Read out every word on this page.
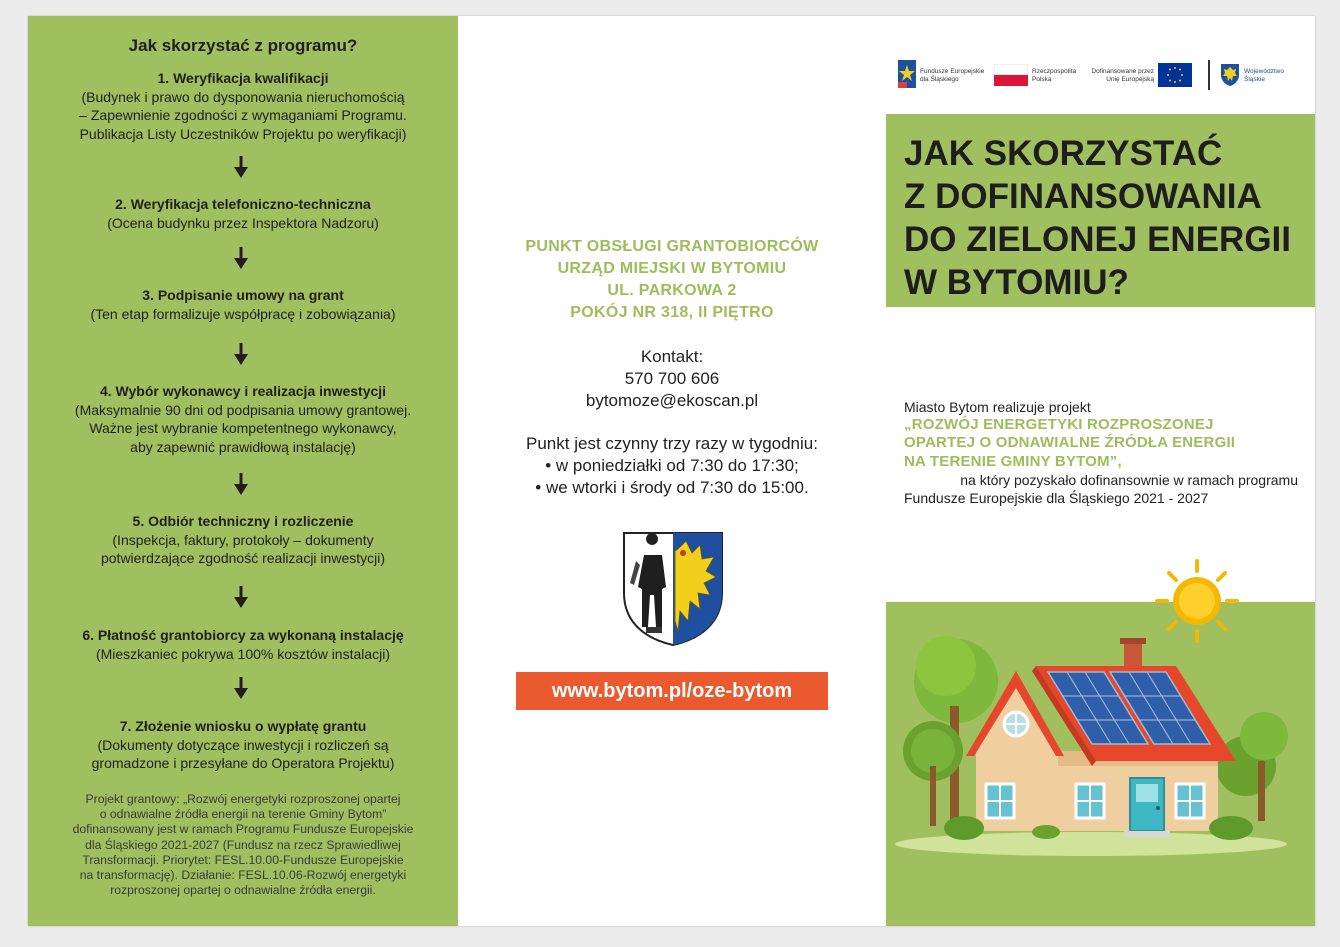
Jak skorzystać z programu?
1. Weryfikacja kwalifikacji
(Budynek i prawo do dysponowania nieruchomością
– Zapewnienie zgodności z wymaganiami Programu.
Publikacja Listy Uczestników Projektu po weryfikacji)
2. Weryfikacja telefoniczno-techniczna
(Ocena budynku przez Inspektora Nadzoru)
3. Podpisanie umowy na grant
(Ten etap formalizuje współpracę i zobowiązania)
4. Wybór wykonawcy i realizacja inwestycji
(Maksymalnie 90 dni od podpisania umowy grantowej.
Ważne jest wybranie kompetentnego wykonawcy,
aby zapewnić prawidłową instalację)
5. Odbiór techniczny i rozliczenie
(Inspekcja, faktury, protokoły – dokumenty
potwierdzające zgodność realizacji inwestycji)
6. Płatność grantobiorcy za wykonaną instalację
(Mieszkaniec pokrywa 100% kosztów instalacji)
7. Złożenie wniosku o wypłatę grantu
(Dokumenty dotyczące inwestycji i rozliczeń są
gromadzone i przesyłane do Operatora Projektu)
Projekt grantowy: „Rozwój energetyki rozproszonej opartej
o odnawialne źródła energii na terenie Gminy Bytom”
dofinansowany jest w ramach Programu Fundusze Europejskie
dla Śląskiego 2021-2027 (Fundusz na rzecz Sprawiedliwej
Transformacji. Priorytet: FESL.10.00-Fundusze Europejskie
na transformację). Działanie: FESL.10.06-Rozwój energetyki
rozproszonej opartej o odnawialne źródła energii.
PUNKT OBSŁUGI GRANTOBIORCÓW
URZĄD MIEJSKI W BYTOMIU
UL. PARKOWA 2
POKÓJ NR 318, II PIĘTRO
Kontakt:
570 700 606
bytomoze@ekoscan.pl
Punkt jest czynny trzy razy w tygodniu:
• w poniedziałki od 7:30 do 17:30;
• we wtorki i środy od 7:30 do 15:00.
www.bytom.pl/oze-bytom
Fundusze Europejskie dla Śląskiego
Rzeczpospolita Polska
Dofinansowane przez Unię Europejską
Województwo Śląskie
JAK SKORZYSTAĆ
Z DOFINANSOWANIA
DO ZIELONEJ ENERGII
W BYTOMIU?
Miasto Bytom realizuje projekt
„ROZWÓJ ENERGETYKI ROZPROSZONEJ
OPARTEJ O ODNAWIALNE ŹRÓDŁA ENERGII
NA TERENIE GMINY BYTOM”,
na który pozyskało dofinansownie w ramach programu
Fundusze Europejskie dla Śląskiego 2021 - 2027
